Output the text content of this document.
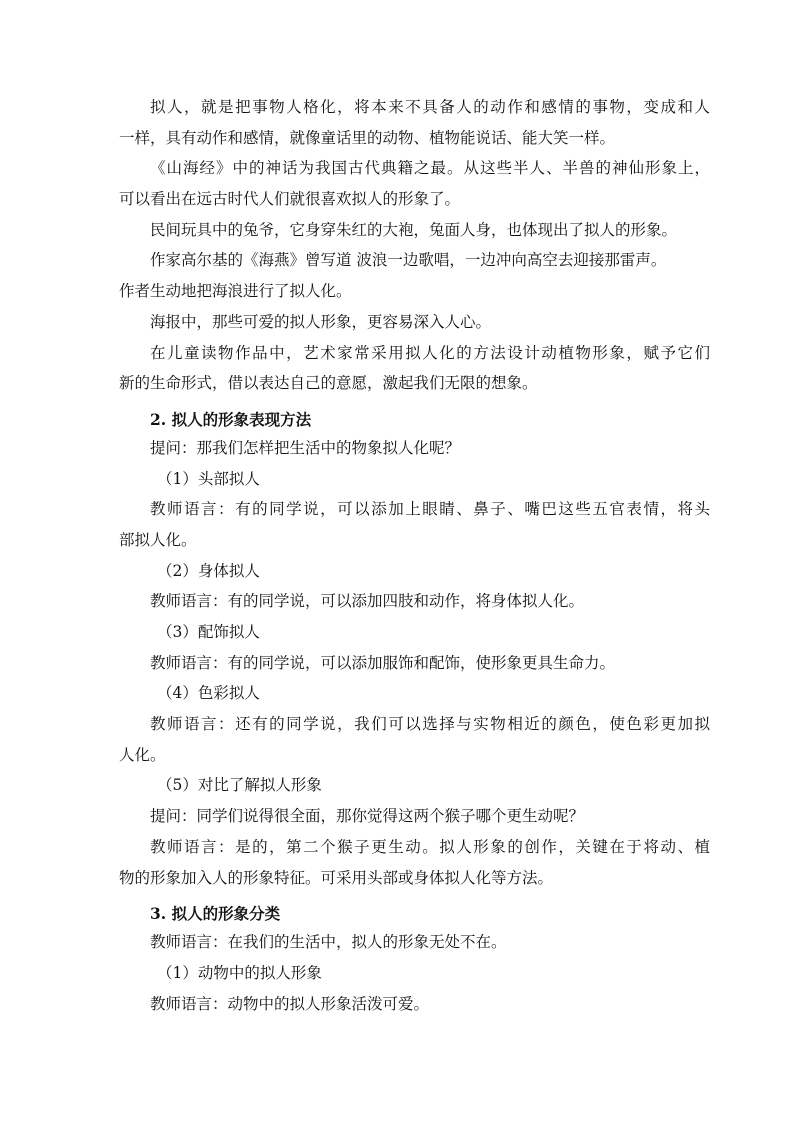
拟人，就是把事物人格化，将本来不具备人的动作和感情的事物，变成和人
一样，具有动作和感情，就像童话里的动物、植物能说话、能大笑一样。
《山海经》中的神话为我国古代典籍之最。从这些半人、半兽的神仙形象上，
可以看出在远古时代人们就很喜欢拟人的形象了。
民间玩具中的兔爷，它身穿朱红的大袍，兔面人身，也体现出了拟人的形象。
作家高尔基的《海燕》曾写道 波浪一边歌唱，一边冲向高空去迎接那雷声。
作者生动地把海浪进行了拟人化。
海报中，那些可爱的拟人形象，更容易深入人心。
在儿童读物作品中，艺术家常采用拟人化的方法设计动植物形象，赋予它们
新的生命形式，借以表达自己的意愿，激起我们无限的想象。
2. 拟人的形象表现方法
提问：那我们怎样把生活中的物象拟人化呢？
（1）头部拟人
教师语言：有的同学说，可以添加上眼睛、鼻子、嘴巴这些五官表情，将头
部拟人化。
（2）身体拟人
教师语言：有的同学说，可以添加四肢和动作，将身体拟人化。
（3）配饰拟人
教师语言：有的同学说，可以添加服饰和配饰，使形象更具生命力。
（4）色彩拟人
教师语言：还有的同学说，我们可以选择与实物相近的颜色，使色彩更加拟
人化。
（5）对比了解拟人形象
提问：同学们说得很全面，那你觉得这两个猴子哪个更生动呢？
教师语言：是的，第二个猴子更生动。拟人形象的创作，关键在于将动、植
物的形象加入人的形象特征。可采用头部或身体拟人化等方法。
3. 拟人的形象分类
教师语言：在我们的生活中，拟人的形象无处不在。
（1）动物中的拟人形象
教师语言：动物中的拟人形象活泼可爱。
